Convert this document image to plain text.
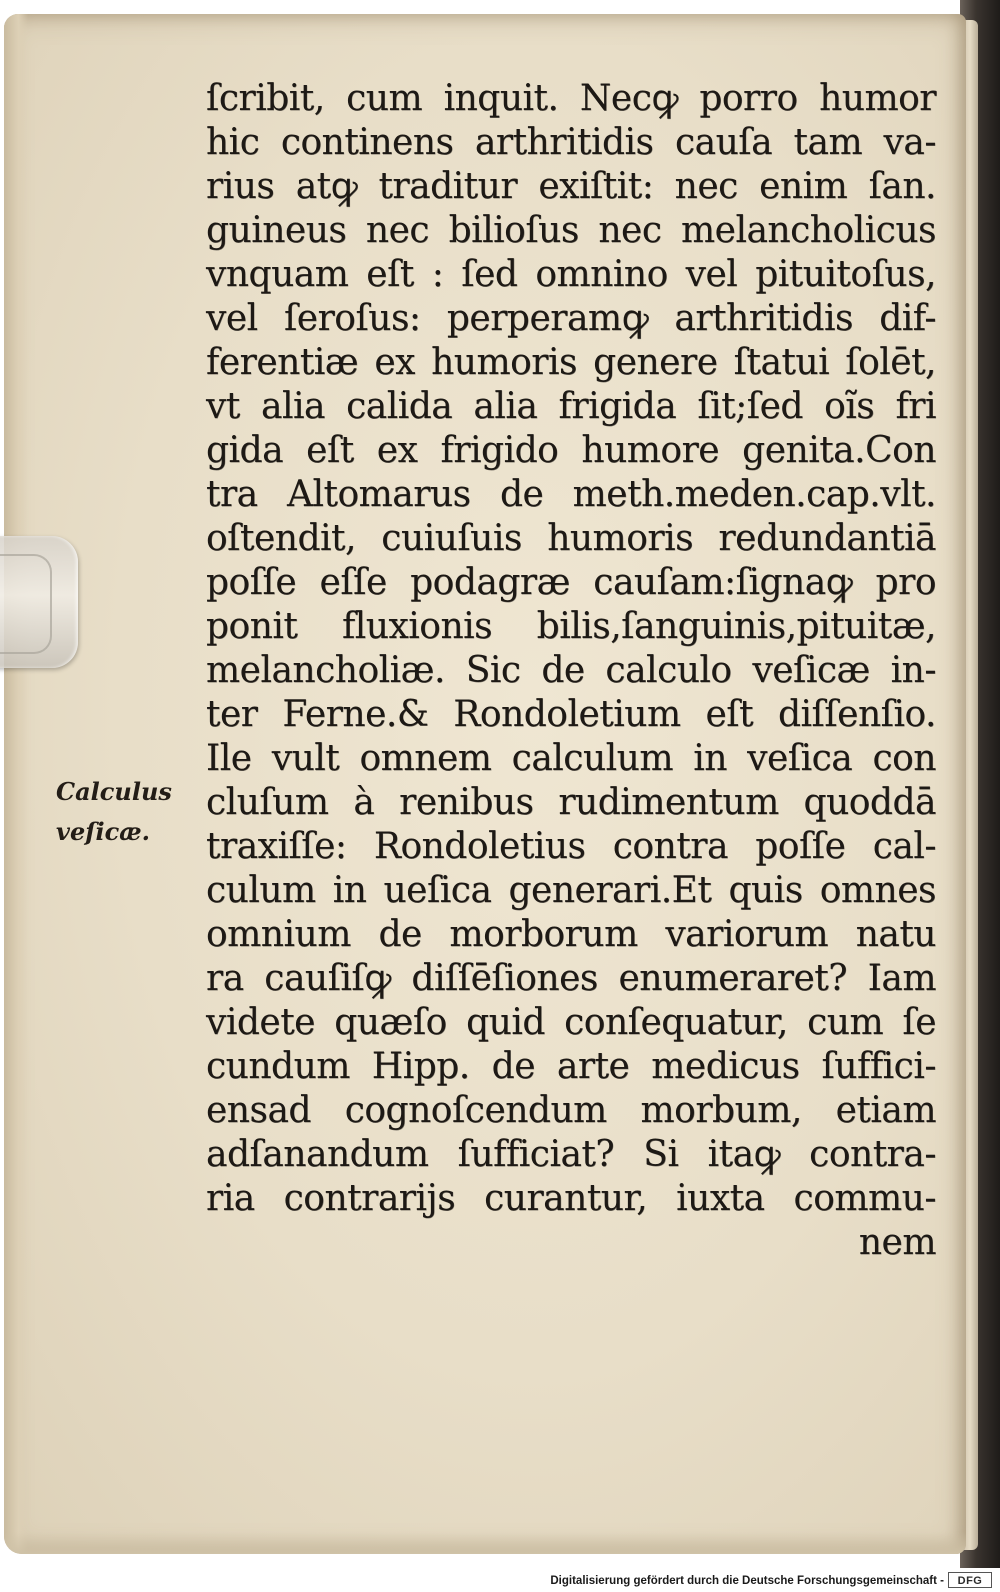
Calculus
veſicæ.
ſcribit, cum inquit. Necꝙ porro humor
hic continens arthritidis cauſa tam va-
rius atꝙ traditur exiſtit: nec enim ſan.
guineus nec bilioſus nec melancholicus
vnquam eſt : ſed omnino vel pituitoſus,
vel ſeroſus: perperamꝙ arthritidis dif-
ferentiæ ex humoris genere ſtatui ſolēt,
vt alia calida alia frigida ſit;ſed oĩs fri
gida eſt ex frigido humore genita.Con
tra Altomarus de meth.meden.cap.vlt.
oſtendit, cuiuſuis humoris redundantiā
poſſe eſſe podagræ cauſam:ſignaꝙ pro
ponit fluxionis bilis,ſanguinis,pituitæ,
melancholiæ. Sic de calculo veſicæ in-
ter Ferne.& Rondoletium eſt diſſenſio.
Ile vult omnem calculum in veſica con
cluſum à renibus rudimentum quoddā
traxiſſe: Rondoletius contra poſſe cal-
culum in ueſica generari.Et quis omnes
omnium de morborum variorum natu
ra cauſiſꝙ diſſēſiones enumeraret? Iam
videte quæſo quid conſequatur, cum ſe
cundum Hipp. de arte medicus ſuffici-
ensad cognoſcendum morbum, etiam
adſanandum ſufficiat? Si itaꝙ contra-
ria contrarijs curantur, iuxta commu-
nem
Digitalisierung gefördert durch die Deutsche Forschungsgemeinschaft -	DFG
